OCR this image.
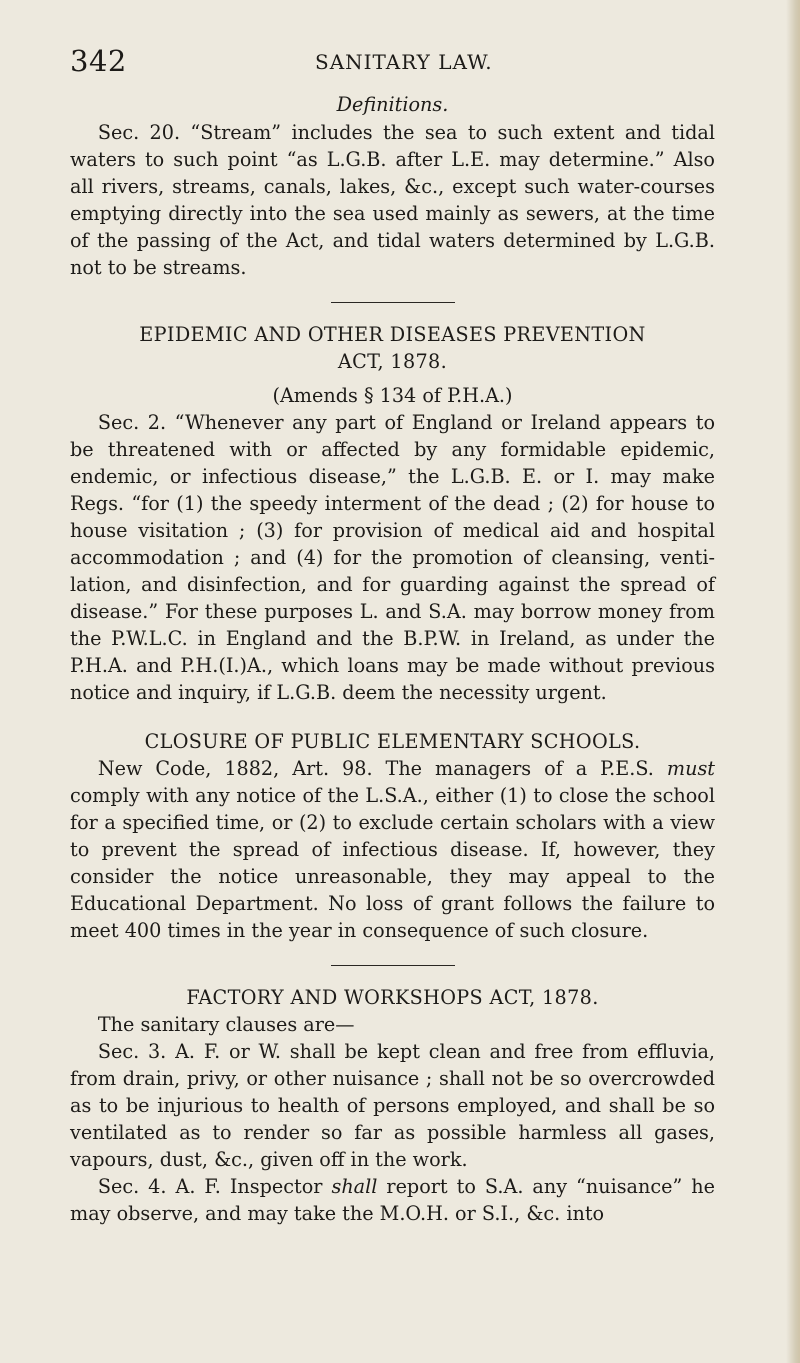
342	SANITARY LAW.
Definitions.

Sec. 20. “Stream” includes the sea to such extent and tidal waters to such point “as L.G.B. after L.E. may determine.” Also all rivers, streams, canals, lakes, &c., except such water-courses emptying directly into the sea used mainly as sewers, at the time of the passing of the Act, and tidal waters determined by L.G.B. not to be streams.

EPIDEMIC AND OTHER DISEASES PREVENTION
ACT, 1878.
(Amends § 134 of P.H.A.)

Sec. 2. “Whenever any part of England or Ireland appears to be threatened with or affected by any formidable epidemic, endemic, or infectious disease,” the L.G.B. E. or I. may make Regs. “for (1) the speedy interment of the dead ; (2) for house to house visitation ; (3) for provision of medical aid and hospital accommodation ; and (4) for the promotion of cleansing, venti-lation, and disinfection, and for guarding against the spread of disease.” For these purposes L. and S.A. may borrow money from the P.W.L.C. in England and the B.P.W. in Ireland, as under the P.H.A. and P.H.(I.)A., which loans may be made without previous notice and inquiry, if L.G.B. deem the necessity urgent.

CLOSURE OF PUBLIC ELEMENTARY SCHOOLS.

New Code, 1882, Art. 98. The managers of a P.E.S. must comply with any notice of the L.S.A., either (1) to close the school for a specified time, or (2) to exclude certain scholars with a view to prevent the spread of infectious disease. If, however, they consider the notice unreasonable, they may appeal to the Educational Department. No loss of grant follows the failure to meet 400 times in the year in consequence of such closure.

FACTORY AND WORKSHOPS ACT, 1878.

The sanitary clauses are—

Sec. 3. A. F. or W. shall be kept clean and free from effluvia, from drain, privy, or other nuisance ; shall not be so overcrowded as to be injurious to health of persons employed, and shall be so ventilated as to render so far as possible harmless all gases, vapours, dust, &c., given off in the work.

Sec. 4. A. F. Inspector shall report to S.A. any “nuisance” he may observe, and may take the M.O.H. or S.I., &c. into
